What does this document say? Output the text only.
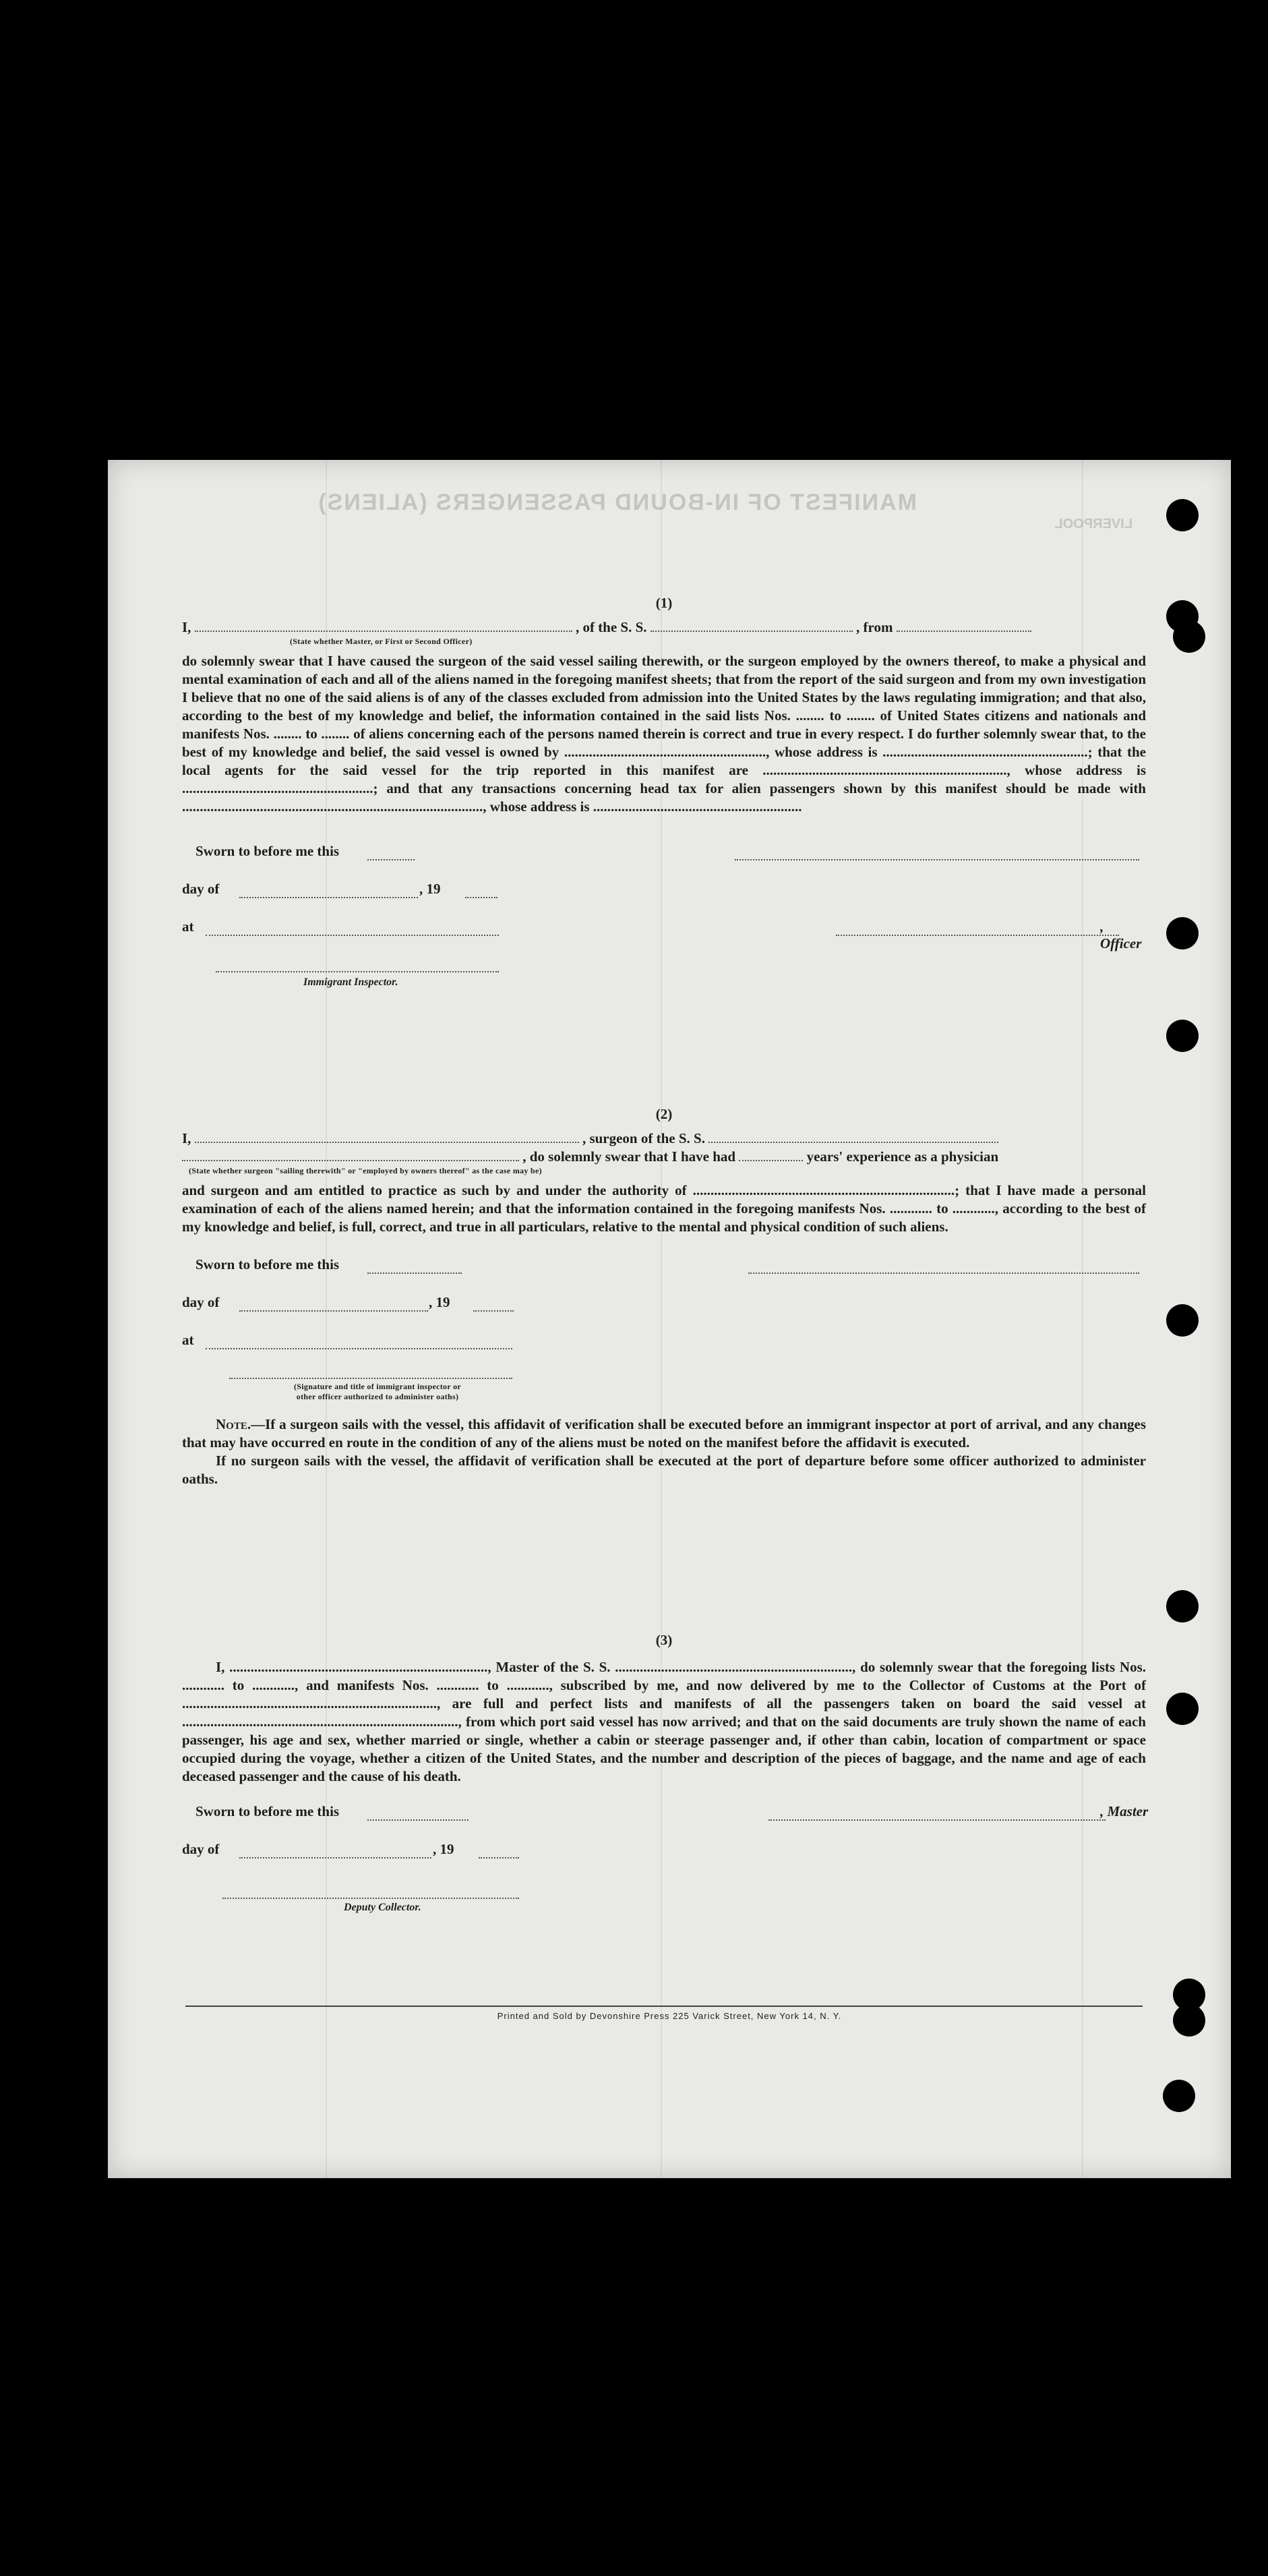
MANIFEST OF IN-BOUND PASSENGERS (ALIENS)
LIVERPOOL
(1)
I,	, of the S. S.	, from
(State whether Master, or First or Second Officer)
do solemnly swear that I have caused the surgeon of the said vessel sailing therewith, or the surgeon employed by the owners thereof, to make a physical and mental examination of each and all of the aliens named in the foregoing manifest sheets; that from the report of the said surgeon and from my own investigation I believe that no one of the said aliens is of any of the classes excluded from admission into the United States by the laws regulating immigration; and that also, according to the best of my knowledge and belief, the information contained in the said lists Nos. ........ to ........ of United States citizens and nationals and manifests Nos. ........ to ........ of aliens concerning each of the persons named therein is correct and true in every respect. I do further solemnly swear that, to the best of my knowledge and belief, the said vessel is owned by ........................................................., whose address is ..........................................................; that the local agents for the said vessel for the trip reported in this manifest are ....................................................................., whose address is ......................................................; and that any transactions concerning head tax for alien passengers shown by this manifest should be made with ....................................................................................., whose address is ...........................................................
Sworn to before me this
day of	, 19
at	, Officer
Immigrant Inspector.
(2)
I,	, surgeon of the S. S.
, do solemnly swear that I have had	years' experience as a physician
(State whether surgeon "sailing therewith" or "employed by owners thereof" as the case may be)
and surgeon and am entitled to practice as such by and under the authority of ..........................................................................; that I have made a personal examination of each of the aliens named herein; and that the information contained in the foregoing manifests Nos. ............ to ............, according to the best of my knowledge and belief, is full, correct, and true in all particulars, relative to the mental and physical condition of such aliens.
Sworn to before me this
day of	, 19
at
(Signature and title of immigrant inspector or
other officer authorized to administer oaths)
Note.—If a surgeon sails with the vessel, this affidavit of verification shall be executed before an immigrant inspector at port of arrival, and any changes that may have occurred en route in the condition of any of the aliens must be noted on the manifest before the affidavit is executed.
If no surgeon sails with the vessel, the affidavit of verification shall be executed at the port of departure before some officer authorized to administer oaths.
(3)
I, ........................................................................., Master of the S. S. ..................................................................., do solemnly swear that the foregoing lists Nos. ............ to ............, and manifests Nos. ............ to ............, subscribed by me, and now delivered by me to the Collector of Customs at the Port of ........................................................................, are full and perfect lists and manifests of all the passengers taken on board the said vessel at .............................................................................., from which port said vessel has now arrived; and that on the said documents are truly shown the name of each passenger, his age and sex, whether married or single, whether a cabin or steerage passenger and, if other than cabin, location of compartment or space occupied during the voyage, whether a citizen of the United States, and the number and description of the pieces of baggage, and the name and age of each deceased passenger and the cause of his death.
Sworn to before me this	, Master
day of	, 19
Deputy Collector.
Printed and Sold by Devonshire Press 225 Varick Street, New York 14, N. Y.
